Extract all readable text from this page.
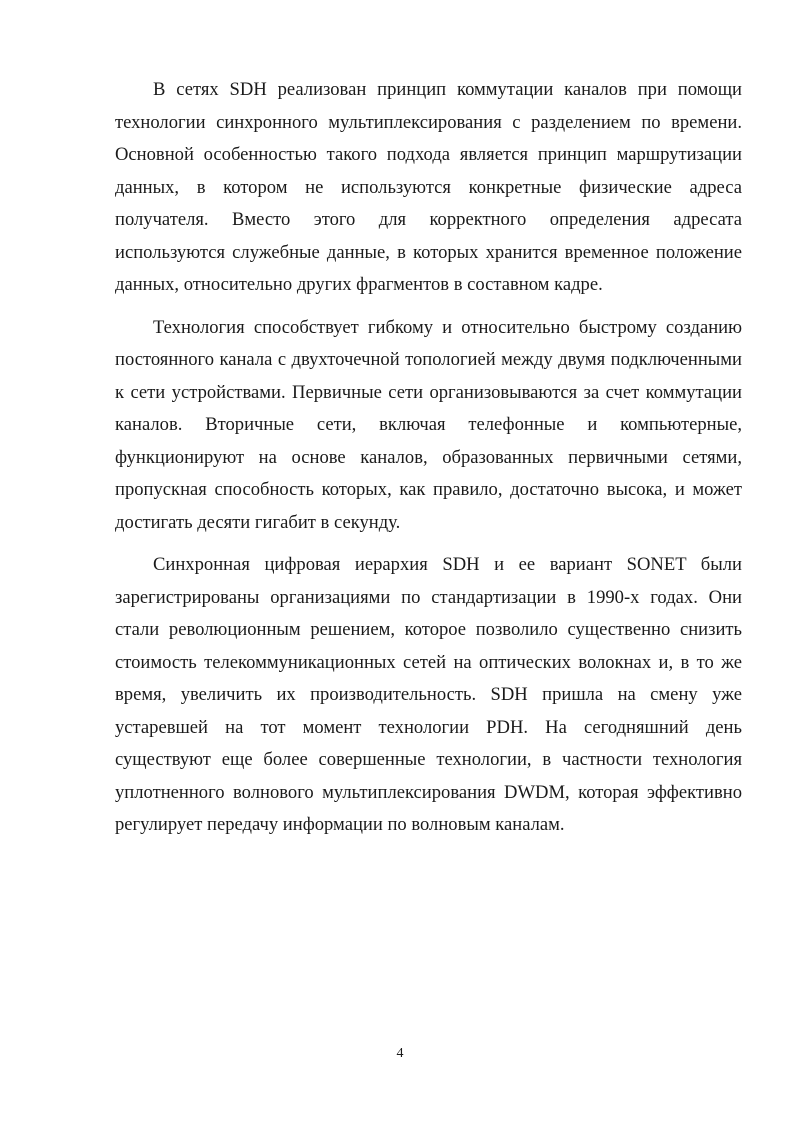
В сетях SDH реализован принцип коммутации каналов при помощи технологии синхронного мультиплексирования с разделением по времени. Основной особенностью такого подхода является принцип маршрутизации данных, в котором не используются конкретные физические адреса получателя. Вместо этого для корректного определения адресата используются служебные данные, в которых хранится временное положение данных, относительно других фрагментов в составном кадре.

Технология способствует гибкому и относительно быстрому созданию постоянного канала с двухточечной топологией между двумя подключенными к сети устройствами. Первичные сети организовываются за счет коммутации каналов. Вторичные сети, включая телефонные и компьютерные, функционируют на основе каналов, образованных первичными сетями, пропускная способность которых, как правило, достаточно высока, и может достигать десяти гигабит в секунду.

Синхронная цифровая иерархия SDH и ее вариант SONET были зарегистрированы организациями по стандартизации в 1990-х годах. Они стали революционным решением, которое позволило существенно снизить стоимость телекоммуникационных сетей на оптических волокнах и, в то же время, увеличить их производительность. SDH пришла на смену уже устаревшей на тот момент технологии PDH. На сегодняшний день существуют еще более совершенные технологии, в частности технология уплотненного волнового мультиплексирования DWDM, которая эффективно регулирует передачу информации по волновым каналам.

4
